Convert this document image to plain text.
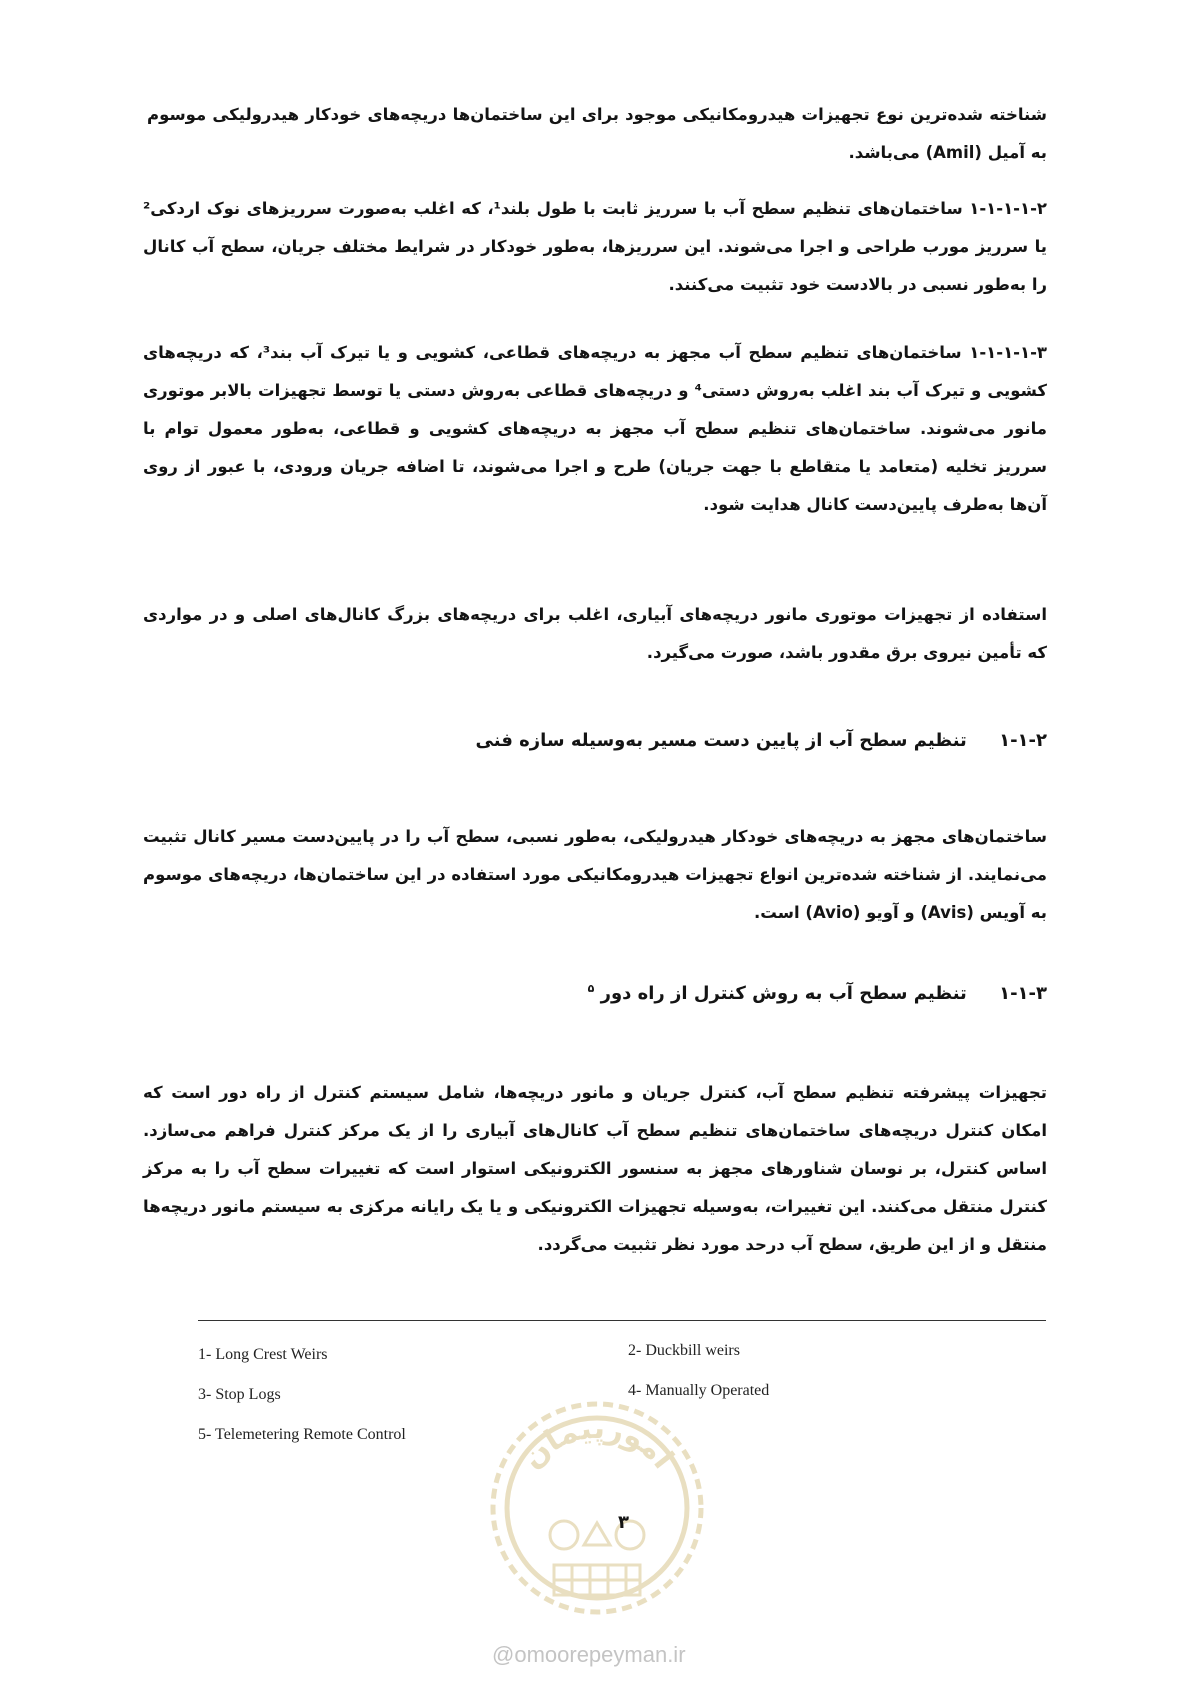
شناخته شده‌ترین نوع تجهیزات هیدرومکانیکی موجود برای این ساختمان‌ها دریچه‌های خودکار هیدرولیکی موسوم به آمیل (Amil) می‌باشد.
۱-۱-۱-۱-۲ ساختمان‌های تنظیم سطح آب با سرریز ثابت با طول بلند¹، که اغلب به‌صورت سرریزهای نوک اردکی² یا سرریز مورب طراحی و اجرا می‌شوند. این سرریزها، به‌طور خودکار در شرایط مختلف جریان، سطح آب کانال را به‌طور نسبی در بالادست خود تثبیت می‌کنند.
۱-۱-۱-۱-۳ ساختمان‌های تنظیم سطح آب مجهز به دریچه‌های قطاعی، کشویی و یا تیرک آب بند³، که دریچه‌های کشویی و تیرک آب بند اغلب به‌روش دستی⁴ و دریچه‌های قطاعی به‌روش دستی یا توسط تجهیزات بالابر موتوری مانور می‌شوند. ساختمان‌های تنظیم سطح آب مجهز به دریچه‌های کشویی و قطاعی، به‌طور معمول توام با سرریز تخلیه (متعامد یا متقاطع با جهت جریان) طرح و اجرا می‌شوند، تا اضافه جریان ورودی، با عبور از روی آن‌ها به‌طرف پایین‌دست کانال هدایت شود.
استفاده از تجهیزات موتوری مانور دریچه‌های آبیاری، اغلب برای دریچه‌های بزرگ کانال‌های اصلی و در مواردی که تأمین نیروی برق مقدور باشد، صورت می‌گیرد.
۱-۱-۲ تنظیم سطح آب از پایین دست مسیر به‌وسیله سازه فنی
ساختمان‌های مجهز به دریچه‌های خودکار هیدرولیکی، به‌طور نسبی، سطح آب را در پایین‌دست مسیر کانال تثبیت می‌نمایند. از شناخته شده‌ترین انواع تجهیزات هیدرومکانیکی مورد استفاده در این ساختمان‌ها، دریچه‌های موسوم به آویس (Avis) و آویو (Avio) است.
۱-۱-۳ تنظیم سطح آب به روش کنترل از راه دور $^۵$
تجهیزات پیشرفته تنظیم سطح آب، کنترل جریان و مانور دریچه‌ها، شامل سیستم کنترل از راه دور است که امکان کنترل دریچه‌های ساختمان‌های تنظیم سطح آب کانال‌های آبیاری را از یک مرکز کنترل فراهم می‌سازد. اساس کنترل، بر نوسان شناورهای مجهز به سنسور الکترونیکی استوار است که تغییرات سطح آب را به مرکز کنترل منتقل می‌کنند. این تغییرات، به‌وسیله تجهیزات الکترونیکی و یا یک رایانه مرکزی به سیستم مانور دریچه‌ها منتقل و از این طریق، سطح آب درحد مورد نظر تثبیت می‌گردد.
1- Long Crest Weirs	2- Duckbill weirs
3- Stop Logs	4- Manually Operated
5- Telemetering Remote Control	امورپیمان
۳
@omoorepeyman.ir
